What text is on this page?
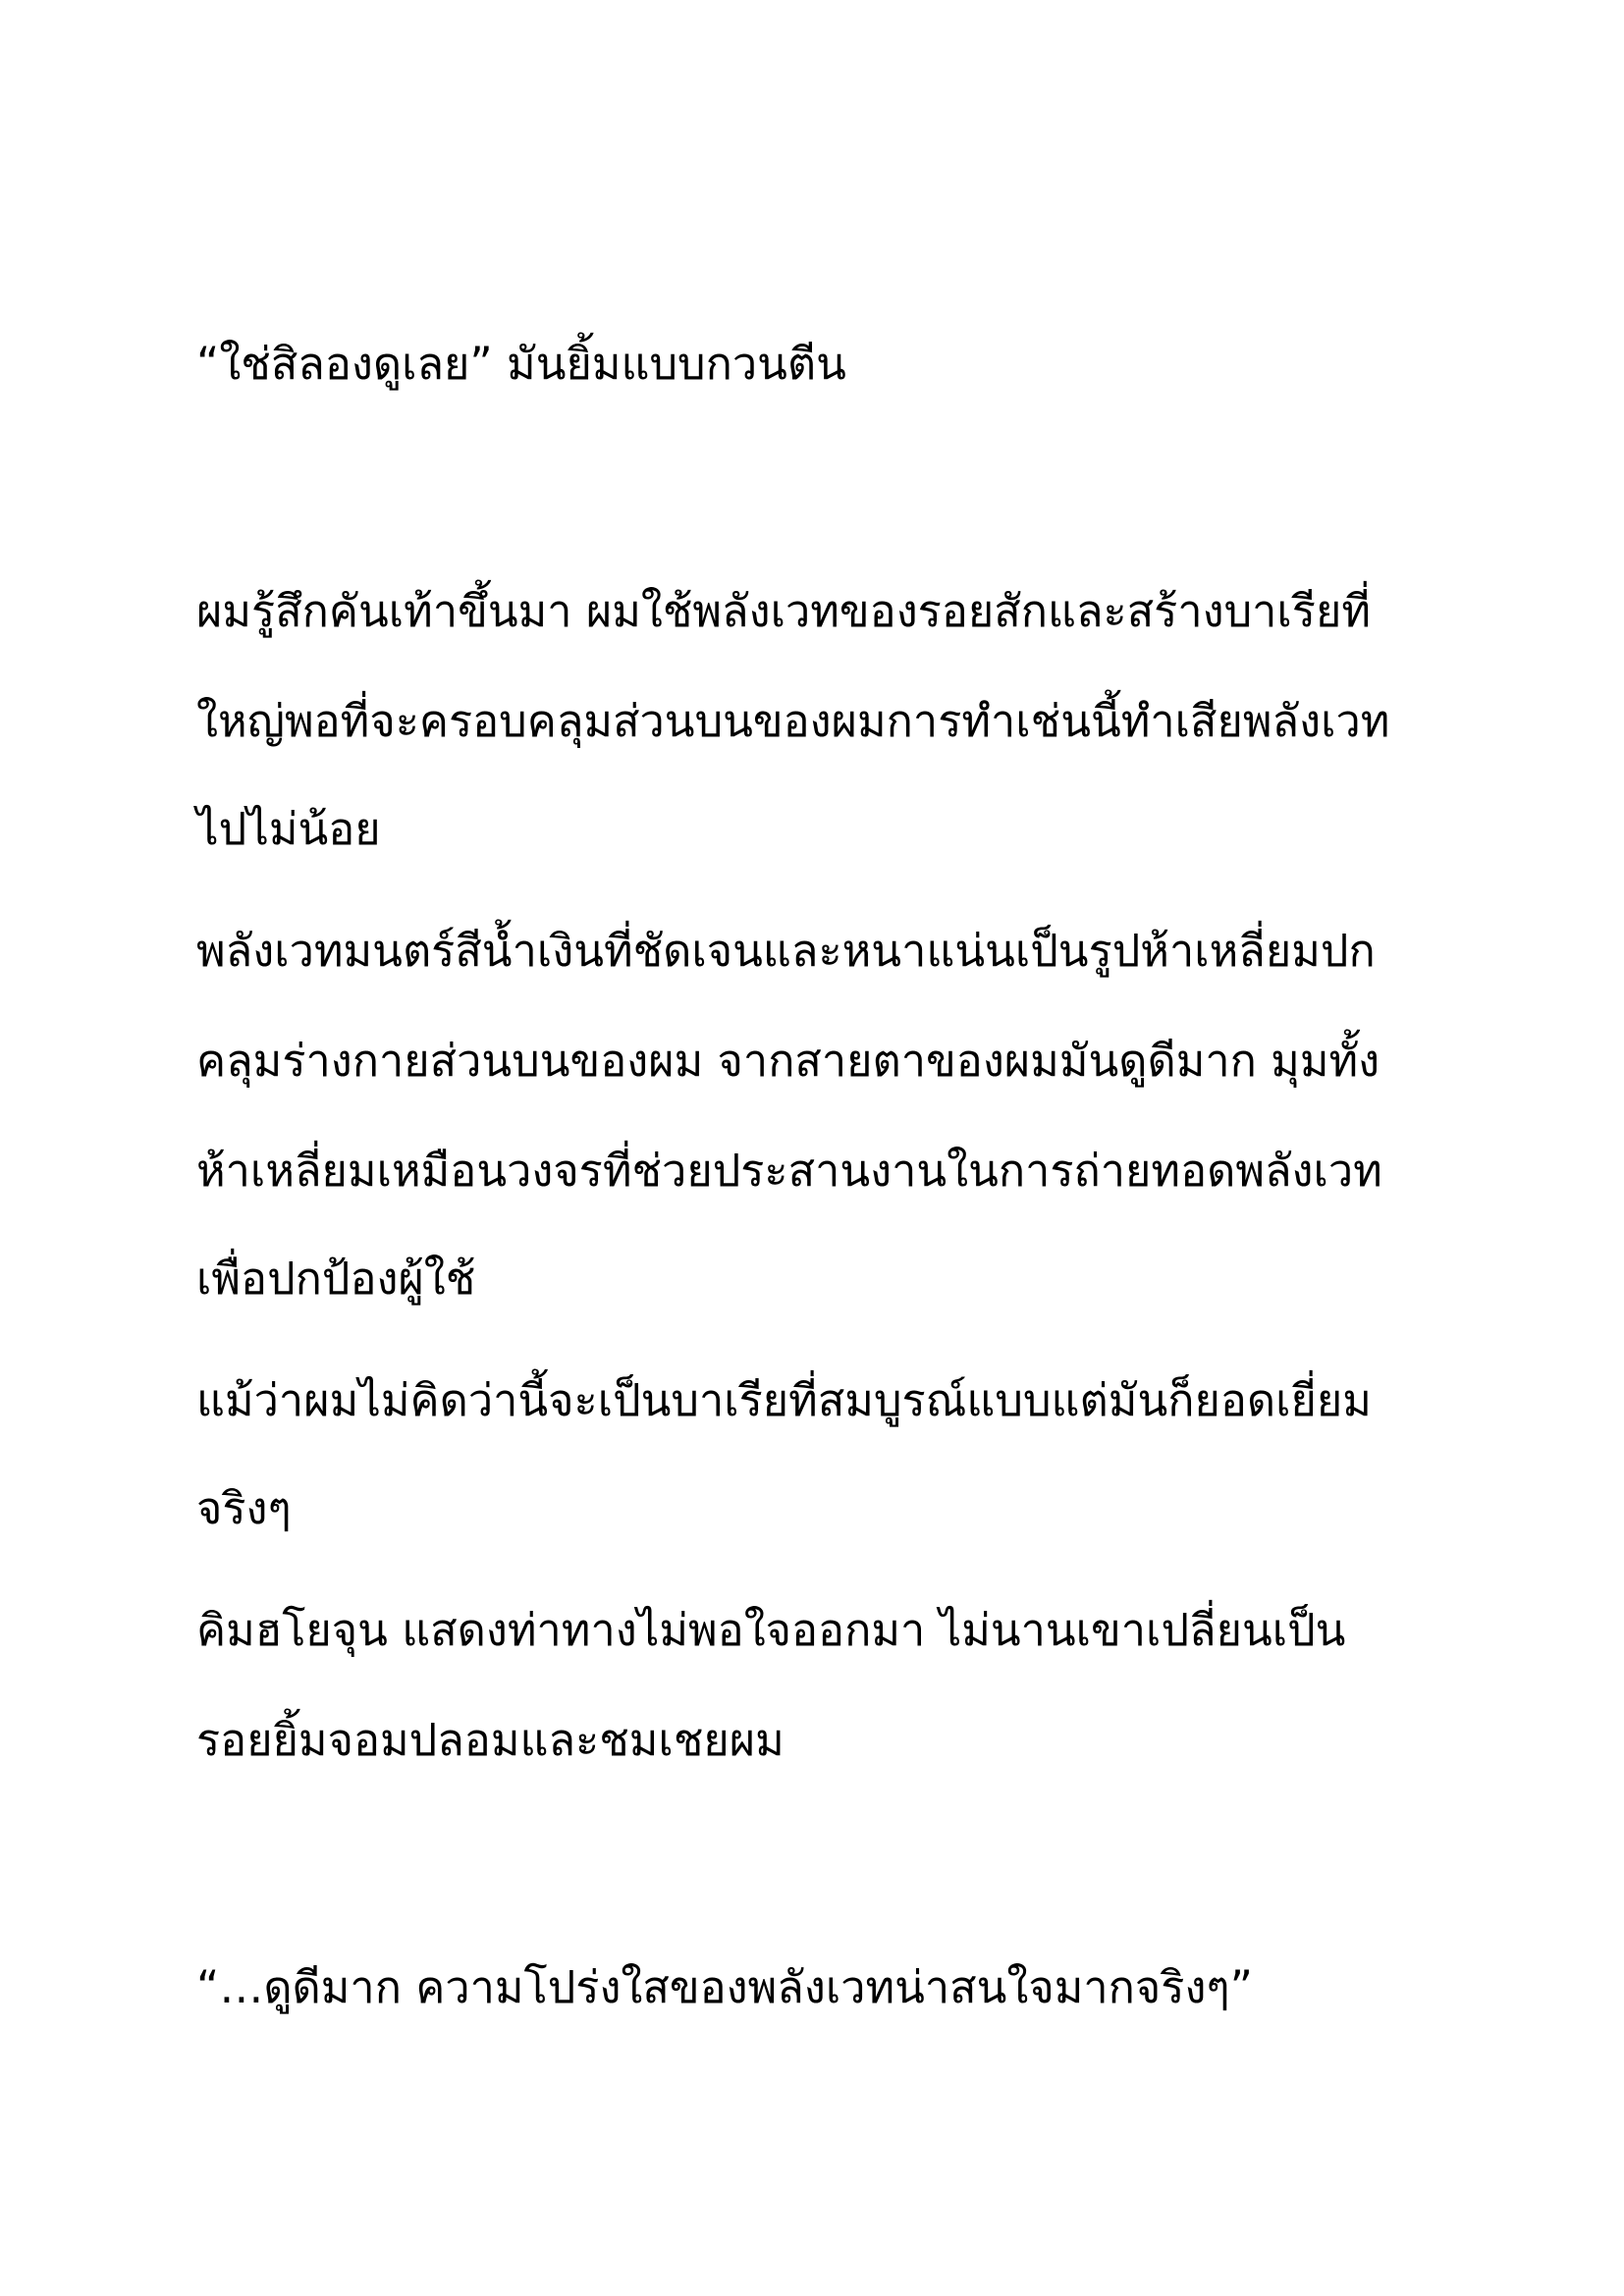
“ใช่สิลองดูเลย” มันยิ้มแบบกวนตีน
ผมรู้สึกคันเท้าขึ้นมา ผมใช้พลังเวทของรอยสักและสร้างบาเรียที่
ใหญ่พอที่จะครอบคลุมส่วนบนของผมการทำเช่นนี้ทำเสียพลังเวท
ไปไม่น้อย
พลังเวทมนตร์สีน้ำเงินที่ชัดเจนและหนาแน่นเป็นรูปห้าเหลี่ยมปก
คลุมร่างกายส่วนบนของผม จากสายตาของผมมันดูดีมาก มุมทั้ง
ห้าเหลี่ยมเหมือนวงจรที่ช่วยประสานงานในการถ่ายทอดพลังเวท
เพื่อปกป้องผู้ใช้
แม้ว่าผมไม่คิดว่านี้จะเป็นบาเรียที่สมบูรณ์แบบแต่มันก็ยอดเยี่ยม
จริงๆ
คิมฮโยจุน แสดงท่าทางไม่พอใจออกมา ไม่นานเขาเปลี่ยนเป็น
รอยยิ้มจอมปลอมและชมเชยผม
“…ดูดีมาก ความโปร่งใสของพลังเวทน่าสนใจมากจริงๆ”
